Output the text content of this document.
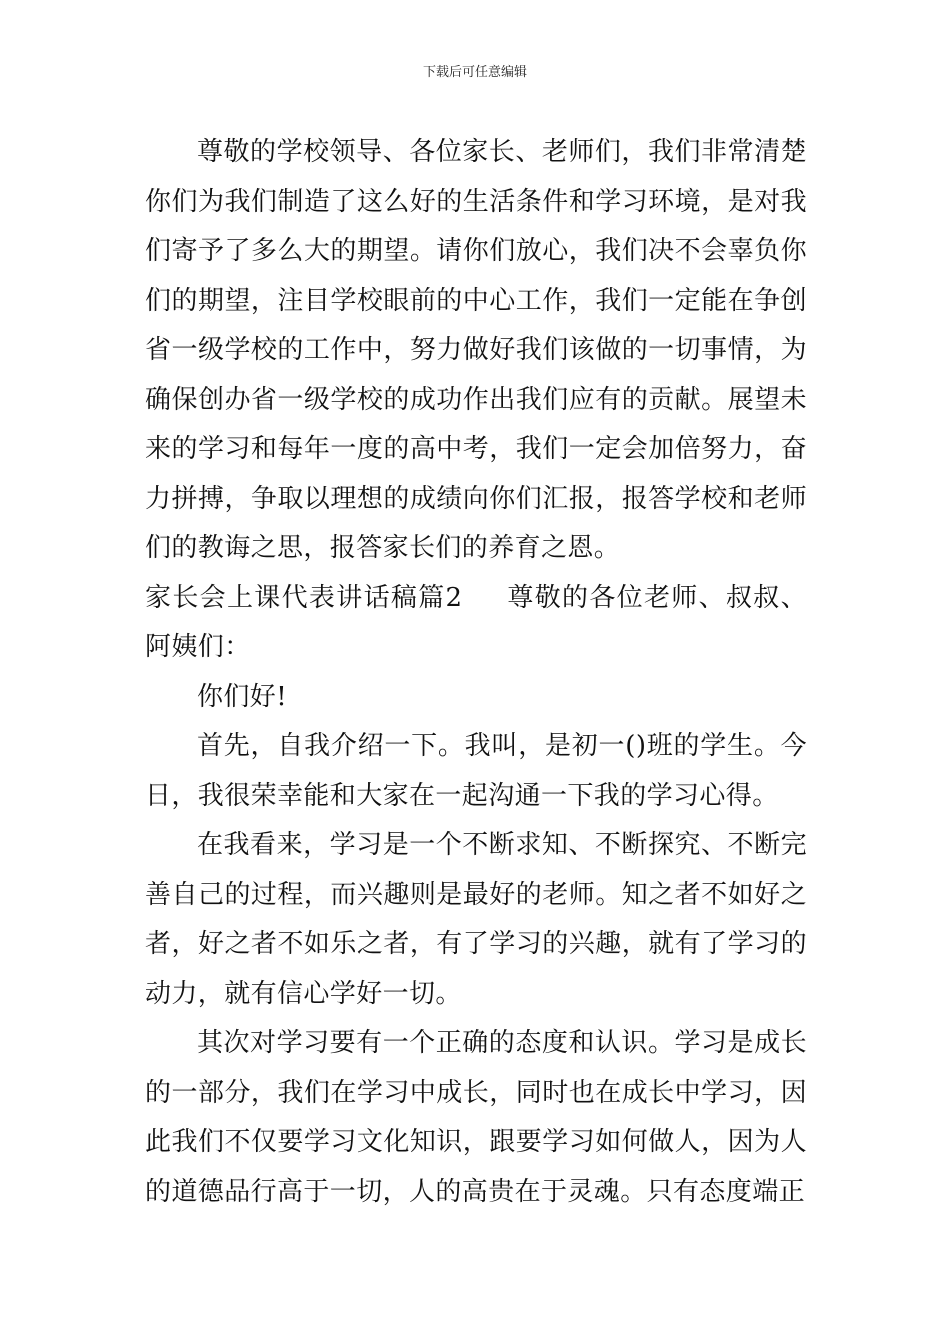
下载后可任意编辑

尊敬的学校领导、各位家长、老师们，我们非常清楚你们为我们制造了这么好的生活条件和学习环境，是对我们寄予了多么大的期望。请你们放心，我们决不会辜负你们的期望，注目学校眼前的中心工作，我们一定能在争创省一级学校的工作中，努力做好我们该做的一切事情，为确保创办省一级学校的成功作出我们应有的贡献。展望未来的学习和每年一度的高中考，我们一定会加倍努力，奋力拼搏，争取以理想的成绩向你们汇报，报答学校和老师们的教诲之思，报答家长们的养育之恩。

家长会上课代表讲话稿篇2 尊敬的各位老师、叔叔、阿姨们：

你们好!

首先，自我介绍一下。我叫，是初一()班的学生。今日，我很荣幸能和大家在一起沟通一下我的学习心得。

在我看来，学习是一个不断求知、不断探究、不断完善自己的过程，而兴趣则是最好的老师。知之者不如好之者，好之者不如乐之者，有了学习的兴趣，就有了学习的动力，就有信心学好一切。

其次对学习要有一个正确的态度和认识。学习是成长的一部分，我们在学习中成长，同时也在成长中学习，因此我们不仅要学习文化知识，跟要学习如何做人，因为人的道德品行高于一切，人的高贵在于灵魂。只有态度端正
